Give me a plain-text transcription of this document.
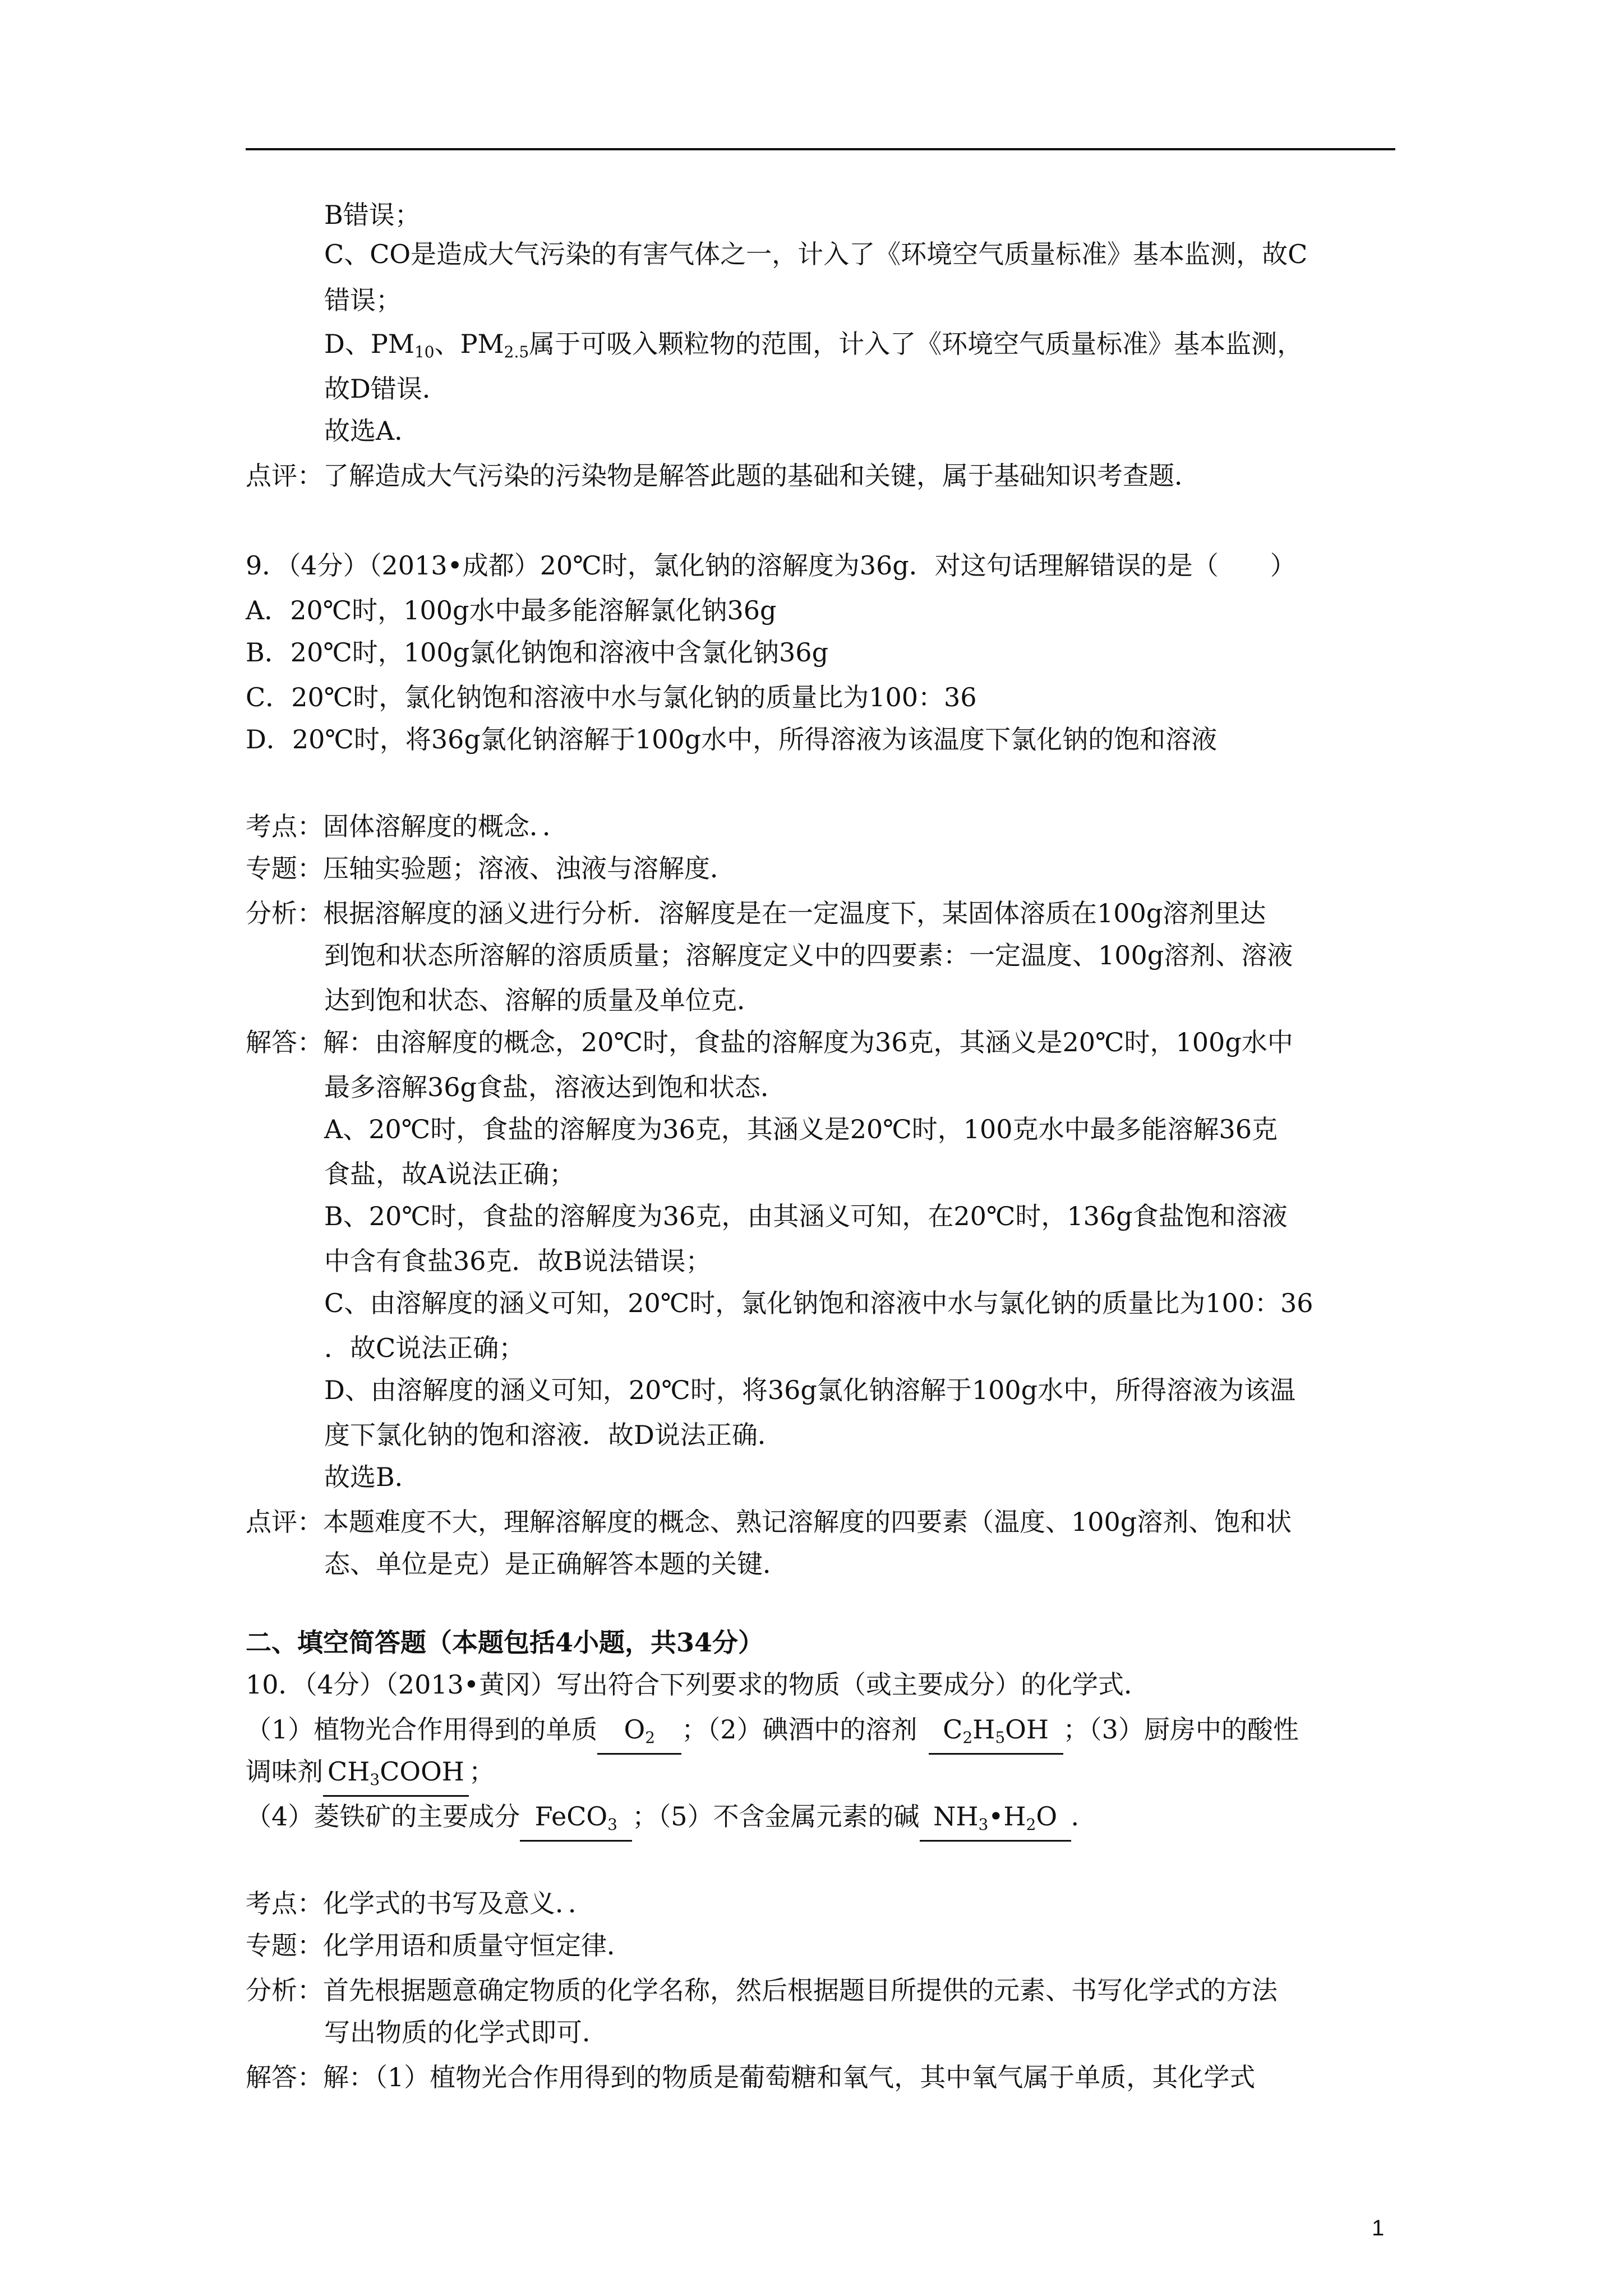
B错误；
C、CO是造成大气污染的有害气体之一，计入了《环境空气质量标准》基本监测，故C
错误；
D、$PM_{10}$、$PM_{2.5}$属于可吸入颗粒物的范围，计入了《环境空气质量标准》基本监测，
故D错误．
故选A．
点评：了解造成大气污染的污染物是解答此题的基础和关键，属于基础知识考查题．
9．（4分）（2013•成都）20℃时，氯化钠的溶解度为36g．对这句话理解错误的是（　　）
A．20℃时，100g水中最多能溶解氯化钠36g
B．20℃时，100g氯化钠饱和溶液中含氯化钠36g
C．20℃时，氯化钠饱和溶液中水与氯化钠的质量比为100：36
D．20℃时，将36g氯化钠溶解于100g水中，所得溶液为该温度下氯化钠的饱和溶液
考点：固体溶解度的概念．．
专题：压轴实验题；溶液、浊液与溶解度．
分析：根据溶解度的涵义进行分析．溶解度是在一定温度下，某固体溶质在100g溶剂里达
到饱和状态所溶解的溶质质量；溶解度定义中的四要素：一定温度、100g溶剂、溶液
达到饱和状态、溶解的质量及单位克．
解答：解：由溶解度的概念，20℃时，食盐的溶解度为36克，其涵义是20℃时，100g水中
最多溶解36g食盐，溶液达到饱和状态．
A、20℃时，食盐的溶解度为36克，其涵义是20℃时，100克水中最多能溶解36克
食盐，故A说法正确；
B、20℃时，食盐的溶解度为36克，由其涵义可知，在20℃时，136g食盐饱和溶液
中含有食盐36克．故B说法错误；
C、由溶解度的涵义可知，20℃时，氯化钠饱和溶液中水与氯化钠的质量比为100：36
．故C说法正确；
D、由溶解度的涵义可知，20℃时，将36g氯化钠溶解于100g水中，所得溶液为该温
度下氯化钠的饱和溶液．故D说法正确．
故选B．
点评：本题难度不大，理解溶解度的概念、熟记溶解度的四要素（温度、100g溶剂、饱和状
态、单位是克）是正确解答本题的关键．
二、填空简答题（本题包括4小题，共34分）
10．（4分）（2013•黄冈）写出符合下列要求的物质（或主要成分）的化学式．
（1）植物光合作用得到的单质 $O_2$ ；（2）碘酒中的溶剂 $C_2H_5OH$ ；（3）厨房中的酸性
调味剂 $CH_3COOH$ ；
（4）菱铁矿的主要成分 FeCO$_3$ ；（5）不含金属元素的碱 $NH_3•H_2O$ ．
考点：化学式的书写及意义．．
专题：化学用语和质量守恒定律．
分析：首先根据题意确定物质的化学名称，然后根据题目所提供的元素、书写化学式的方法
写出物质的化学式即可．
解答：解：（1）植物光合作用得到的物质是葡萄糖和氧气，其中氧气属于单质，其化学式
1
